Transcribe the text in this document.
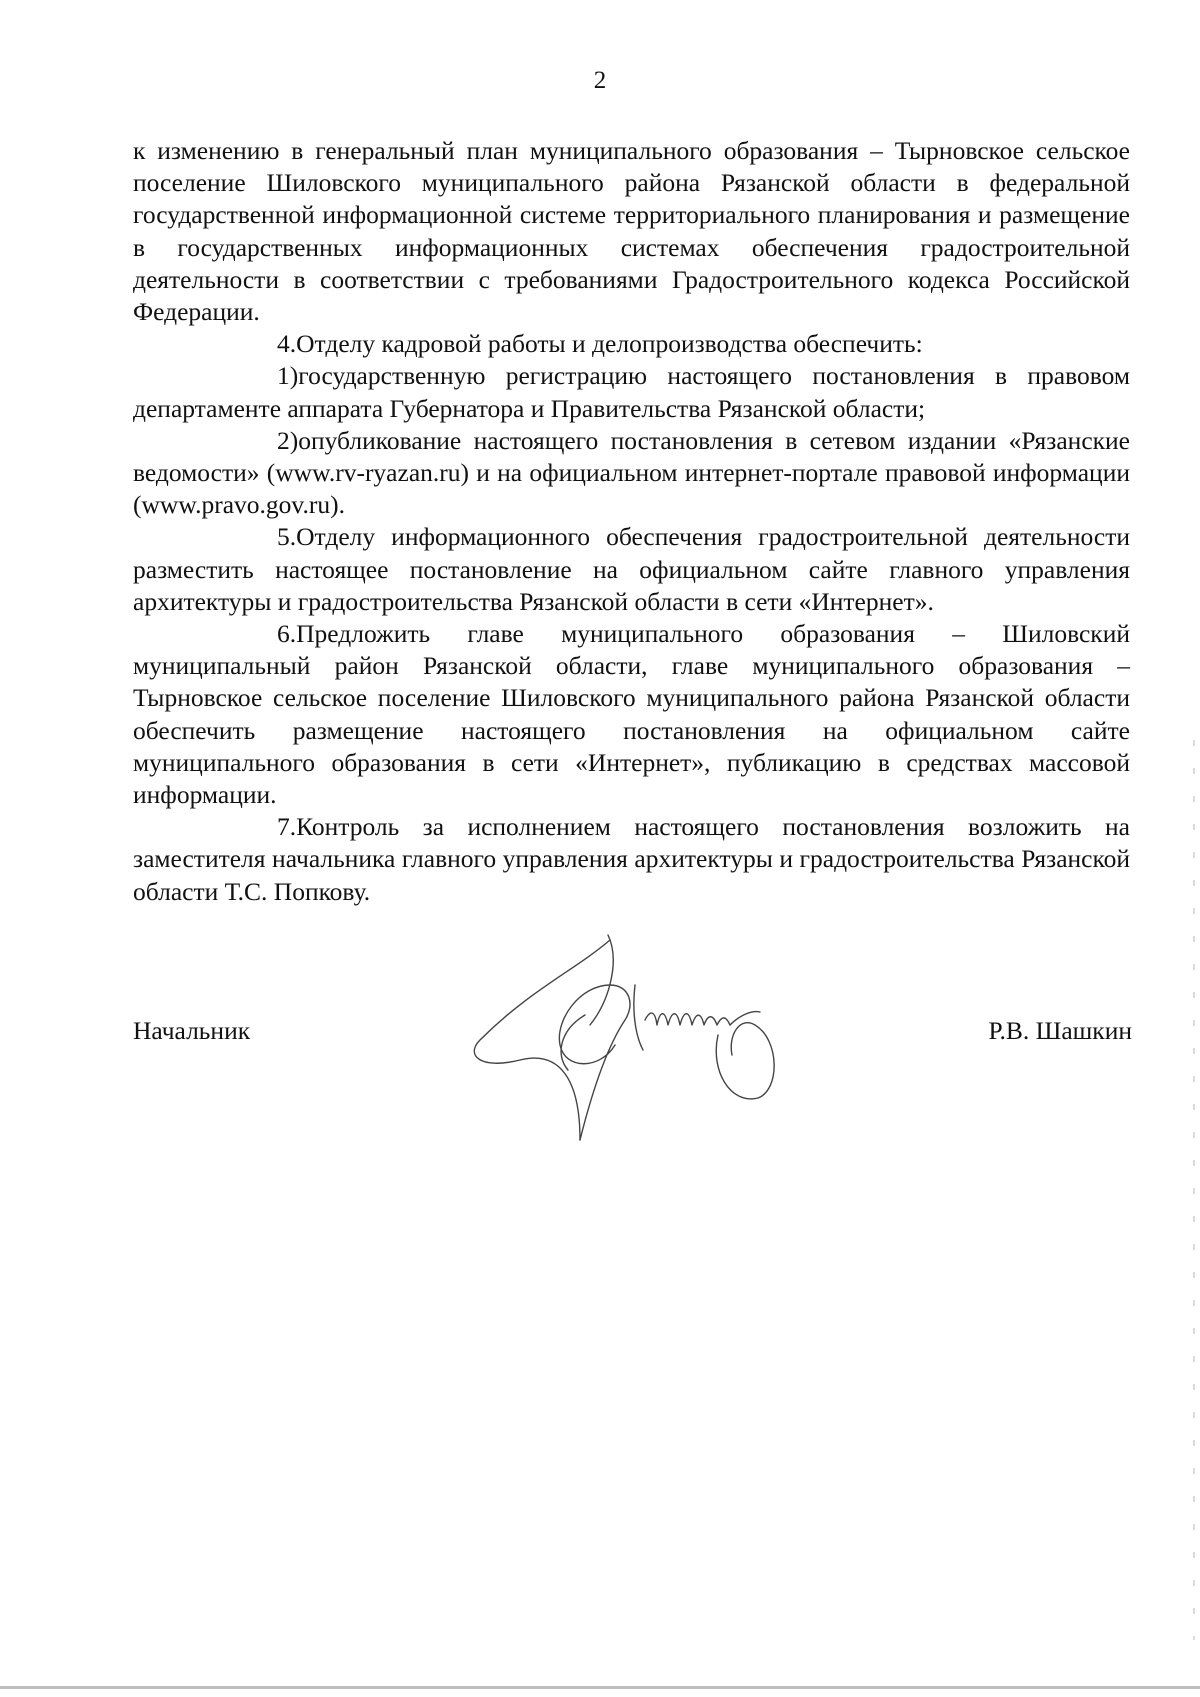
2

к изменению в генеральный план муниципального образования – Тырновское сельское поселение Шиловского муниципального района Рязанской области в федеральной государственной информационной системе территориального планирования и размещение в государственных информационных системах обеспечения градостроительной деятельности в соответствии с требованиями Градостроительного кодекса Российской Федерации.

4.Отделу кадровой работы и делопроизводства обеспечить:

1)государственную регистрацию настоящего постановления в правовом департаменте аппарата Губернатора и Правительства Рязанской области;

2)опубликование настоящего постановления в сетевом издании «Рязанские ведомости» (www.rv-ryazan.ru) и на официальном интернет-портале правовой информации (www.pravo.gov.ru).

5.Отделу информационного обеспечения градостроительной деятельности разместить настоящее постановление на официальном сайте главного управления архитектуры и градостроительства Рязанской области в сети «Интернет».

6.Предложить главе муниципального образования – Шиловский муниципальный район Рязанской области, главе муниципального образования – Тырновское сельское поселение Шиловского муниципального района Рязанской области обеспечить размещение настоящего постановления на официальном сайте муниципального образования в сети «Интернет», публикацию в средствах массовой информации.

7.Контроль за исполнением настоящего постановления возложить на заместителя начальника главного управления архитектуры и градостроительства Рязанской области Т.С. Попкову.

Начальник	Р.В. Шашкин
